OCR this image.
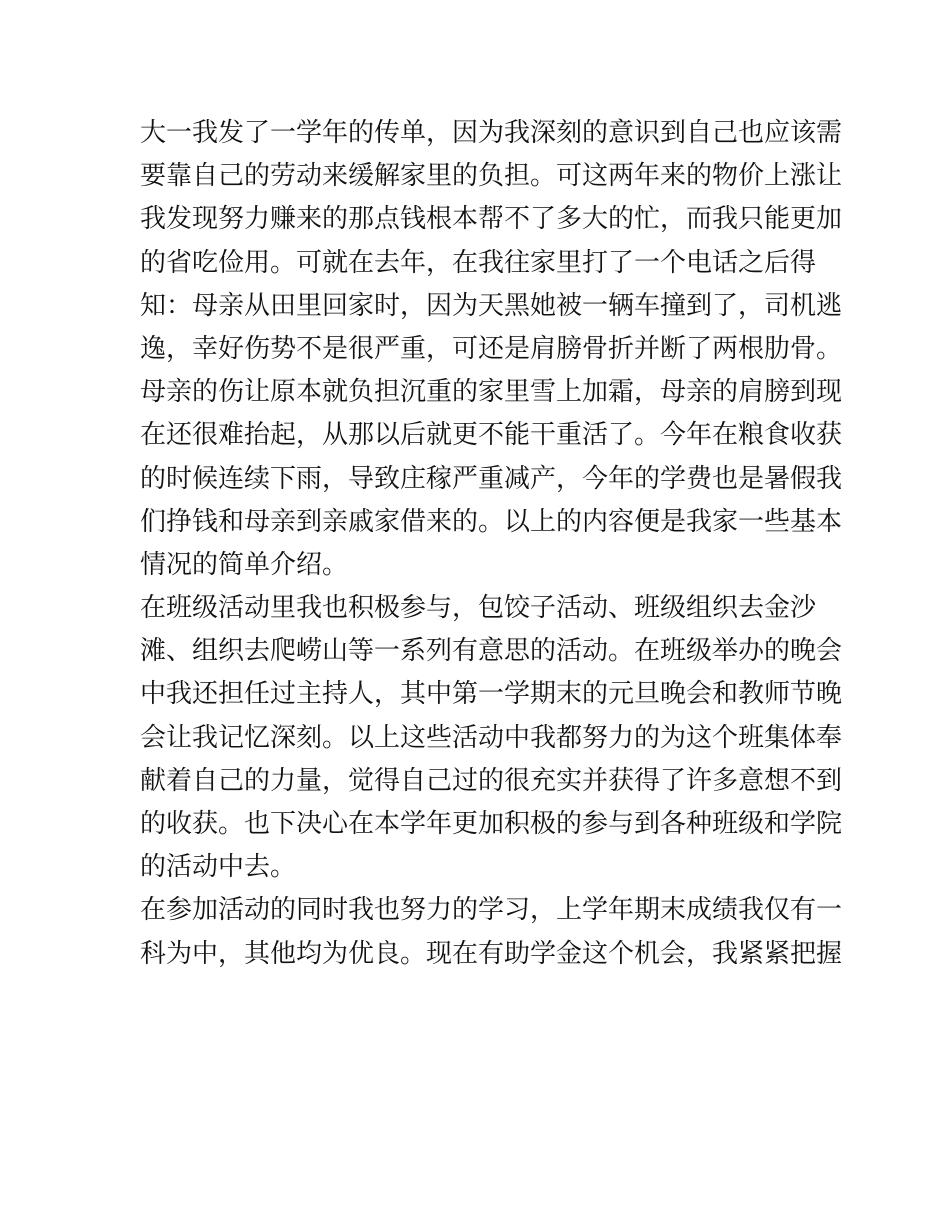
大一我发了一学年的传单，因为我深刻的意识到自己也应该需
要靠自己的劳动来缓解家里的负担。可这两年来的物价上涨让
我发现努力赚来的那点钱根本帮不了多大的忙，而我只能更加
的省吃俭用。可就在去年，在我往家里打了一个电话之后得
知：母亲从田里回家时，因为天黑她被一辆车撞到了，司机逃
逸，幸好伤势不是很严重，可还是肩膀骨折并断了两根肋骨。
母亲的伤让原本就负担沉重的家里雪上加霜，母亲的肩膀到现
在还很难抬起，从那以后就更不能干重活了。今年在粮食收获
的时候连续下雨，导致庄稼严重减产，今年的学费也是暑假我
们挣钱和母亲到亲戚家借来的。以上的内容便是我家一些基本
情况的简单介绍。
在班级活动里我也积极参与，包饺子活动、班级组织去金沙
滩、组织去爬崂山等一系列有意思的活动。在班级举办的晚会
中我还担任过主持人，其中第一学期末的元旦晚会和教师节晚
会让我记忆深刻。以上这些活动中我都努力的为这个班集体奉
献着自己的力量，觉得自己过的很充实并获得了许多意想不到
的收获。也下决心在本学年更加积极的参与到各种班级和学院
的活动中去。
在参加活动的同时我也努力的学习，上学年期末成绩我仅有一
科为中，其他均为优良。现在有助学金这个机会，我紧紧把握
